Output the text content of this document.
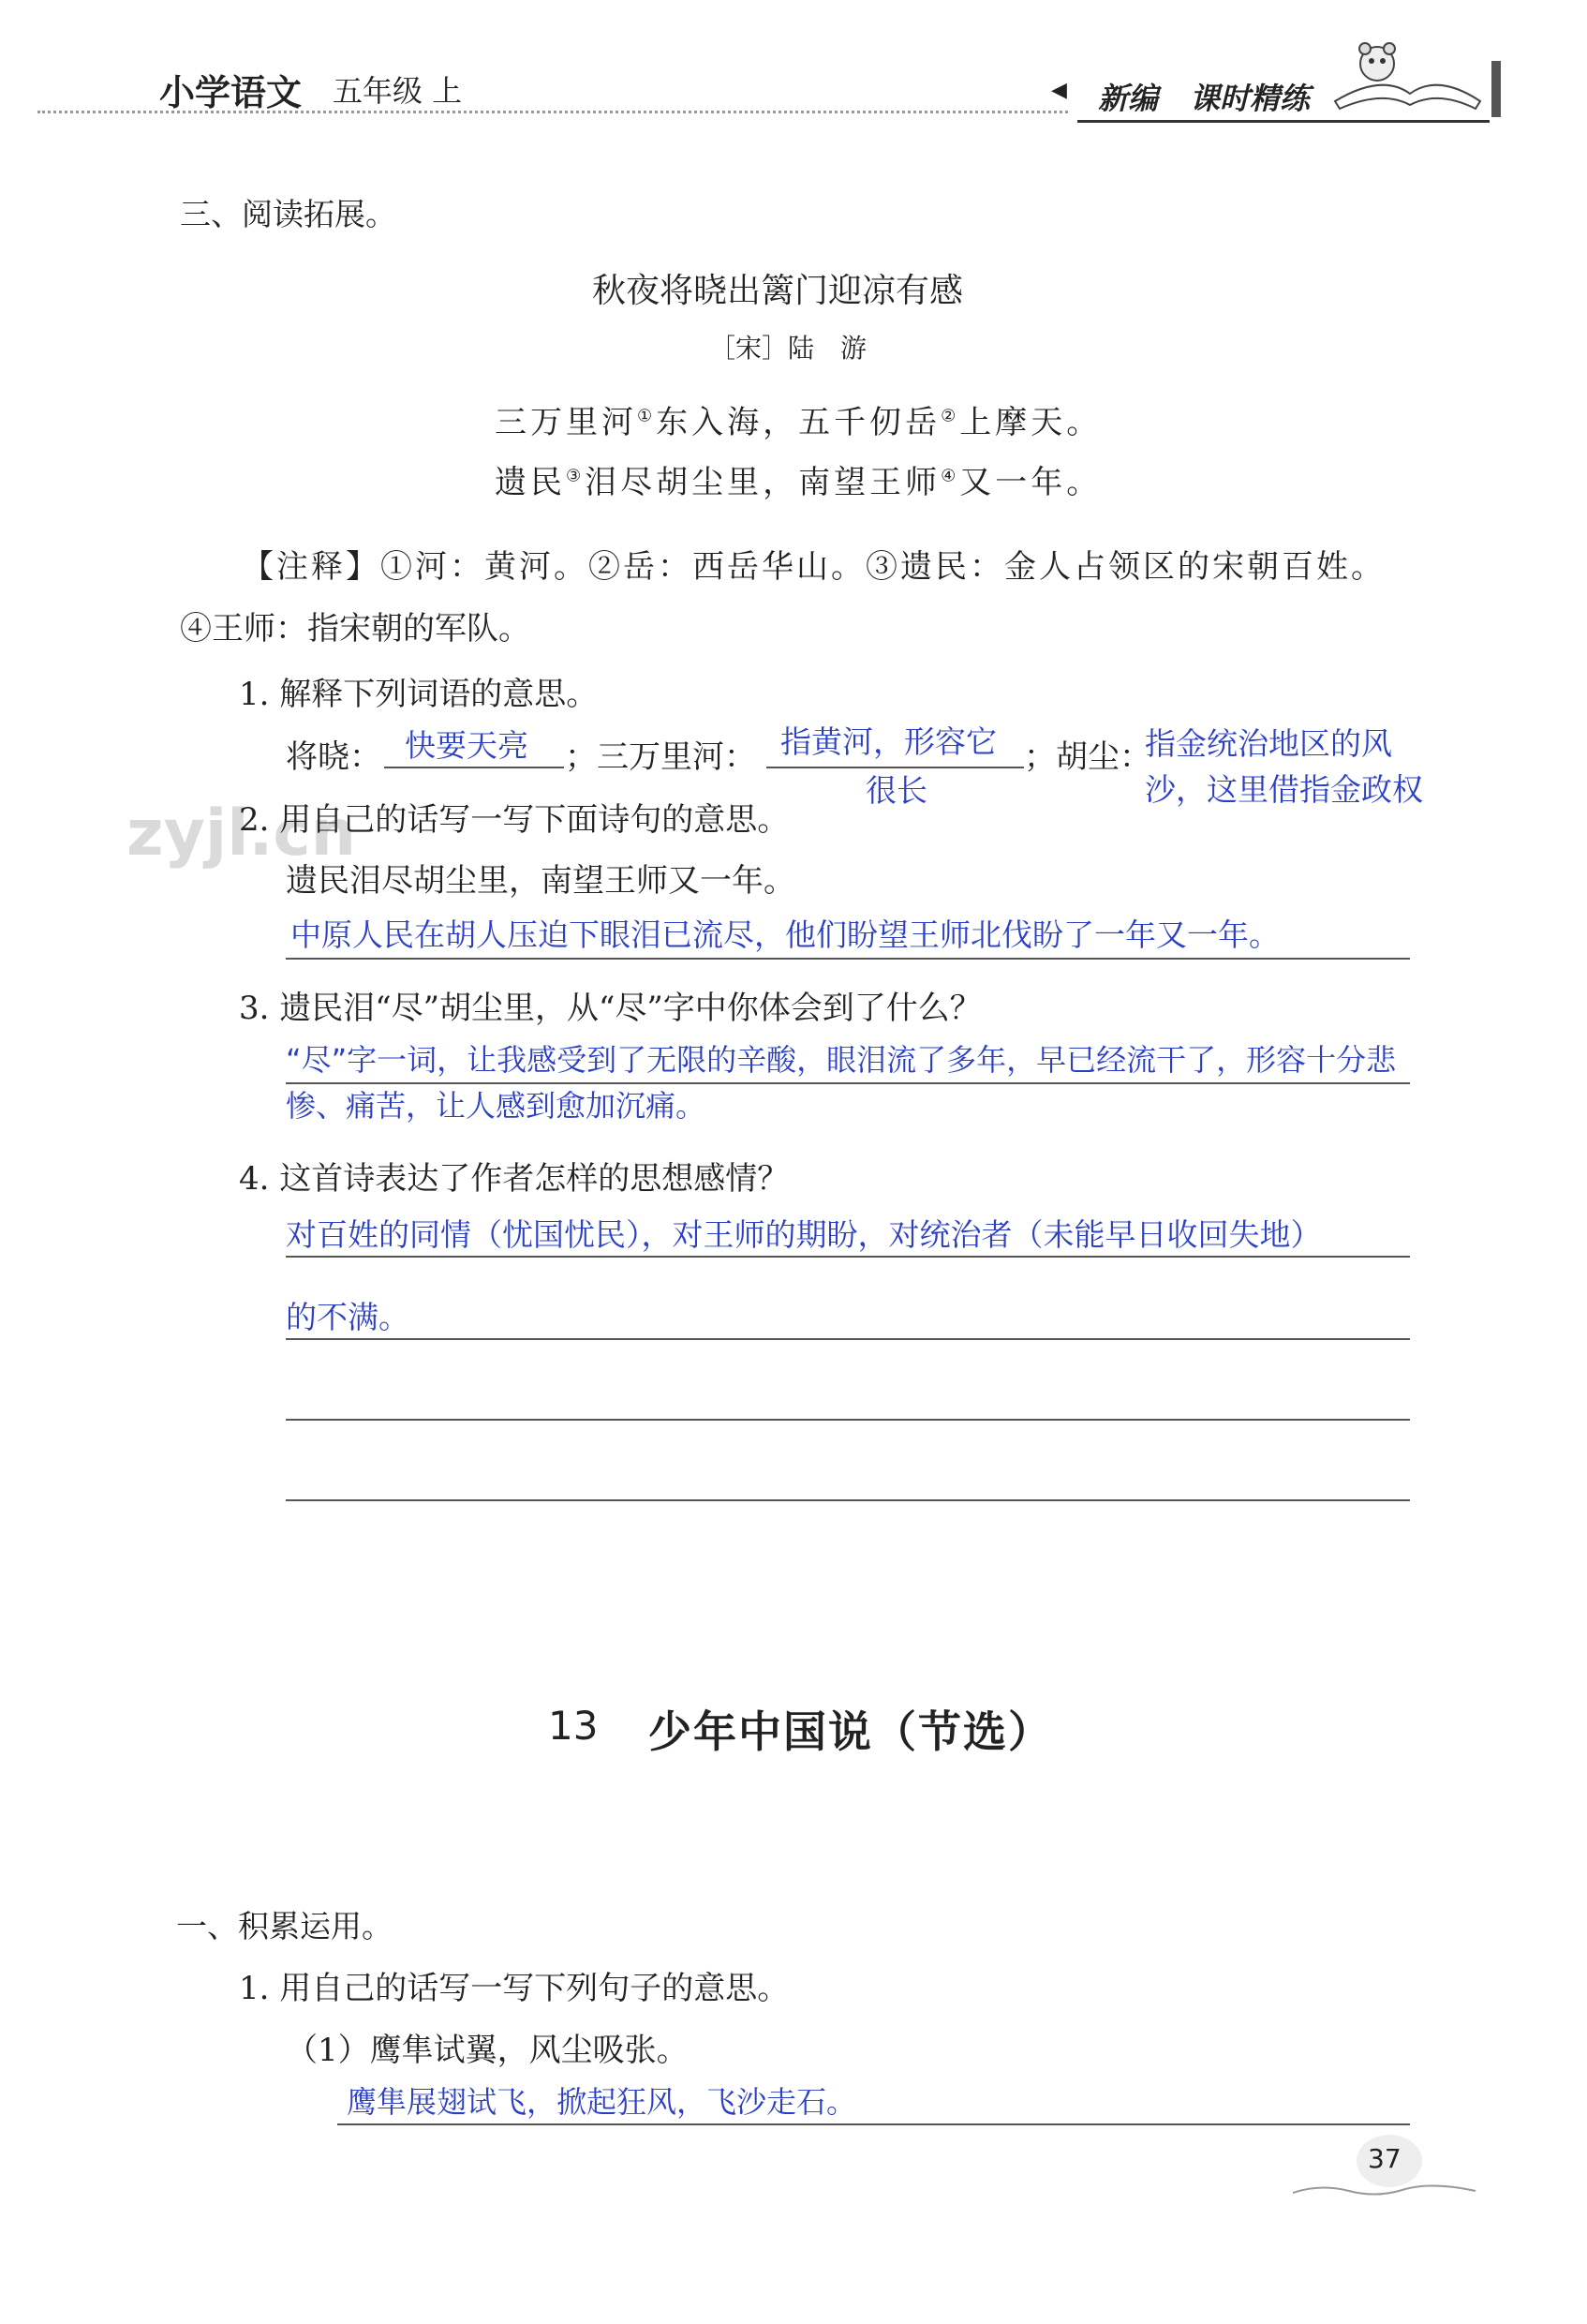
小学语文 五年级 上	◀ 新编 课时精练
三、阅读拓展。
秋夜将晓出篱门迎凉有感
［宋］陆　游
三万里河①东入海，五千仞岳②上摩天。
遗民③泪尽胡尘里，南望王师④又一年。
【注释】①河：黄河。②岳：西岳华山。③遗民：金人占领区的宋朝百姓。
④王师：指宋朝的军队。
1. 解释下列词语的意思。
将晓： 快要天亮 ；三万里河： 指黄河，形容它
很长
；胡尘：
指金统治地区的风
沙，这里借指金政权
zyjl.cn
2. 用自己的话写一写下面诗句的意思。
遗民泪尽胡尘里，南望王师又一年。
中原人民在胡人压迫下眼泪已流尽，他们盼望王师北伐盼了一年又一年。
3. 遗民泪“尽”胡尘里，从“尽”字中你体会到了什么？
“尽”字一词，让我感受到了无限的辛酸，眼泪流了多年，早已经流干了，形容十分悲
惨、痛苦，让人感到愈加沉痛。
4. 这首诗表达了作者怎样的思想感情？
对百姓的同情（忧国忧民），对王师的期盼，对统治者（未能早日收回失地）
的不满。
13 少年中国说（节选）
一、积累运用。
1. 用自己的话写一写下列句子的意思。
（1）鹰隼试翼，风尘吸张。
鹰隼展翅试飞，掀起狂风，飞沙走石。
37
